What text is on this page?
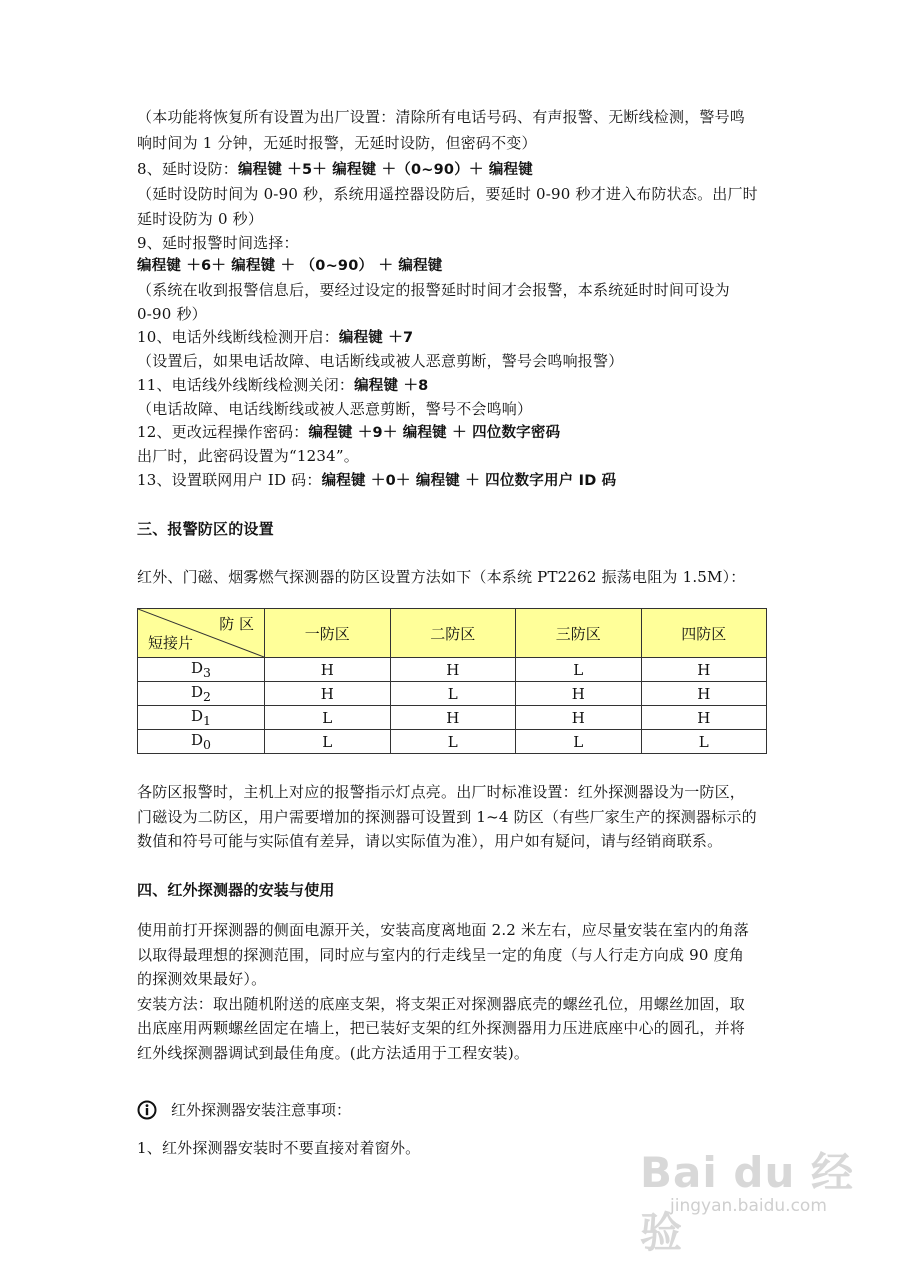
（本功能将恢复所有设置为出厂设置：清除所有电话号码、有声报警、无断线检测，警号鸣
响时间为 1 分钟，无延时报警，无延时设防，但密码不变）
8、延时设防：编程键 ＋5＋ 编程键 ＋（0~90）＋ 编程键
（延时设防时间为 0-90 秒，系统用遥控器设防后，要延时 0-90 秒才进入布防状态。出厂时
延时设防为 0 秒）
9、延时报警时间选择：
编程键 ＋6＋ 编程键 ＋ （0~90） ＋ 编程键
（系统在收到报警信息后，要经过设定的报警延时时间才会报警，本系统延时时间可设为
0-90 秒）
10、电话外线断线检测开启：编程键 ＋7
（设置后，如果电话故障、电话断线或被人恶意剪断，警号会鸣响报警）
11、电话线外线断线检测关闭：编程键 ＋8
（电话故障、电话线断线或被人恶意剪断，警号不会鸣响）
12、更改远程操作密码：编程键 ＋9＋ 编程键 ＋ 四位数字密码
出厂时，此密码设置为“1234”。
13、设置联网用户 ID 码：编程键 ＋0＋ 编程键 ＋ 四位数字用户 ID 码
三、报警防区的设置
红外、门磁、烟雾燃气探测器的防区设置方法如下（本系统 PT2262 振荡电阻为 1.5M）：
防 区
短接片	一防区	二防区	三防区	四防区
$D_3$	H	H	L	H
$D_2$	H	L	H	H
$D_1$	L	H	H	H
$D_0$	L	L	L	L
各防区报警时，主机上对应的报警指示灯点亮。出厂时标准设置：红外探测器设为一防区，
门磁设为二防区，用户需要增加的探测器可设置到 1~4 防区（有些厂家生产的探测器标示的
数值和符号可能与实际值有差异，请以实际值为准），用户如有疑问，请与经销商联系。
四、红外探测器的安装与使用
使用前打开探测器的侧面电源开关，安装高度离地面 2.2 米左右，应尽量安装在室内的角落
以取得最理想的探测范围，同时应与室内的行走线呈一定的角度（与人行走方向成 90 度角
的探测效果最好）。
安装方法：取出随机附送的底座支架，将支架正对探测器底壳的螺丝孔位，用螺丝加固，取
出底座用两颗螺丝固定在墙上，把已装好支架的红外探测器用力压进底座中心的圆孔，并将
红外线探测器调试到最佳角度。(此方法适用于工程安装)。
红外探测器安装注意事项：
1、红外探测器安装时不要直接对着窗外。	Bai du 经验
jingyan.baidu.com
